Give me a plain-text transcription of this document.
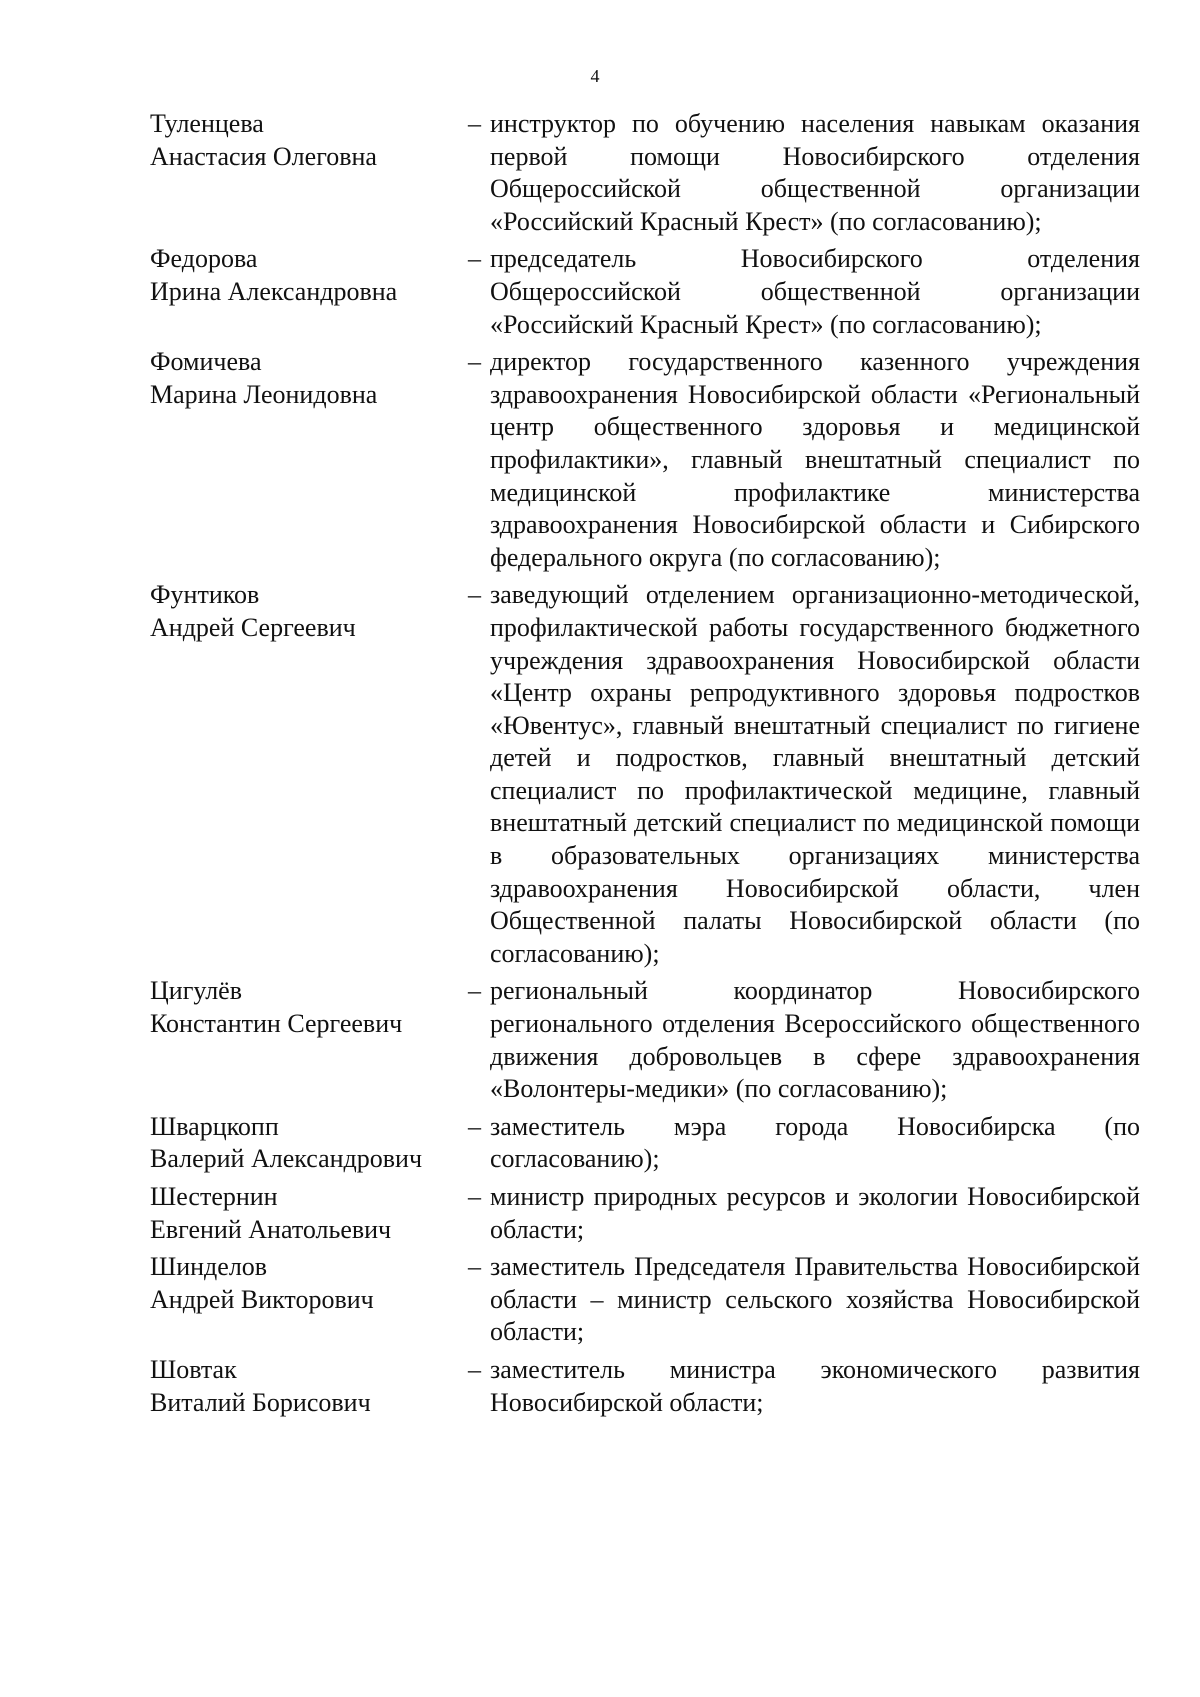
4
Туленцева
Анастасия Олеговна
– инструктор по обучению населения навыкам оказания первой помощи Новосибирского отделения Общероссийской общественной организации «Российский Красный Крест» (по согласованию);
Федорова
Ирина Александровна
– председатель Новосибирского отделения Общероссийской общественной организации «Российский Красный Крест» (по согласованию);
Фомичева
Марина Леонидовна
– директор государственного казенного учреждения здравоохранения Новосибирской области «Региональный центр общественного здоровья и медицинской профилактики», главный внештатный специалист по медицинской профилактике министерства здравоохранения Новосибирской области и Сибирского федерального округа (по согласованию);
Фунтиков
Андрей Сергеевич
– заведующий отделением организационно-методической, профилактической работы государственного бюджетного учреждения здравоохранения Новосибирской области «Центр охраны репродуктивного здоровья подростков «Ювентус», главный внештатный специалист по гигиене детей и подростков, главный внештатный детский специалист по профилактической медицине, главный внештатный детский специалист по медицинской помощи в образовательных организациях министерства здравоохранения Новосибирской области, член Общественной палаты Новосибирской области (по согласованию);
Цигулёв
Константин Сергеевич
– региональный координатор Новосибирского регионального отделения Всероссийского общественного движения добровольцев в сфере здравоохранения «Волонтеры-медики» (по согласованию);
Шварцкопп
Валерий Александрович
– заместитель мэра города Новосибирска (по согласованию);
Шестернин
Евгений Анатольевич
– министр природных ресурсов и экологии Новосибирской области;
Шинделов
Андрей Викторович
– заместитель Председателя Правительства Новосибирской области – министр сельского хозяйства Новосибирской области;
Шовтак
Виталий Борисович
– заместитель министра экономического развития Новосибирской области;
